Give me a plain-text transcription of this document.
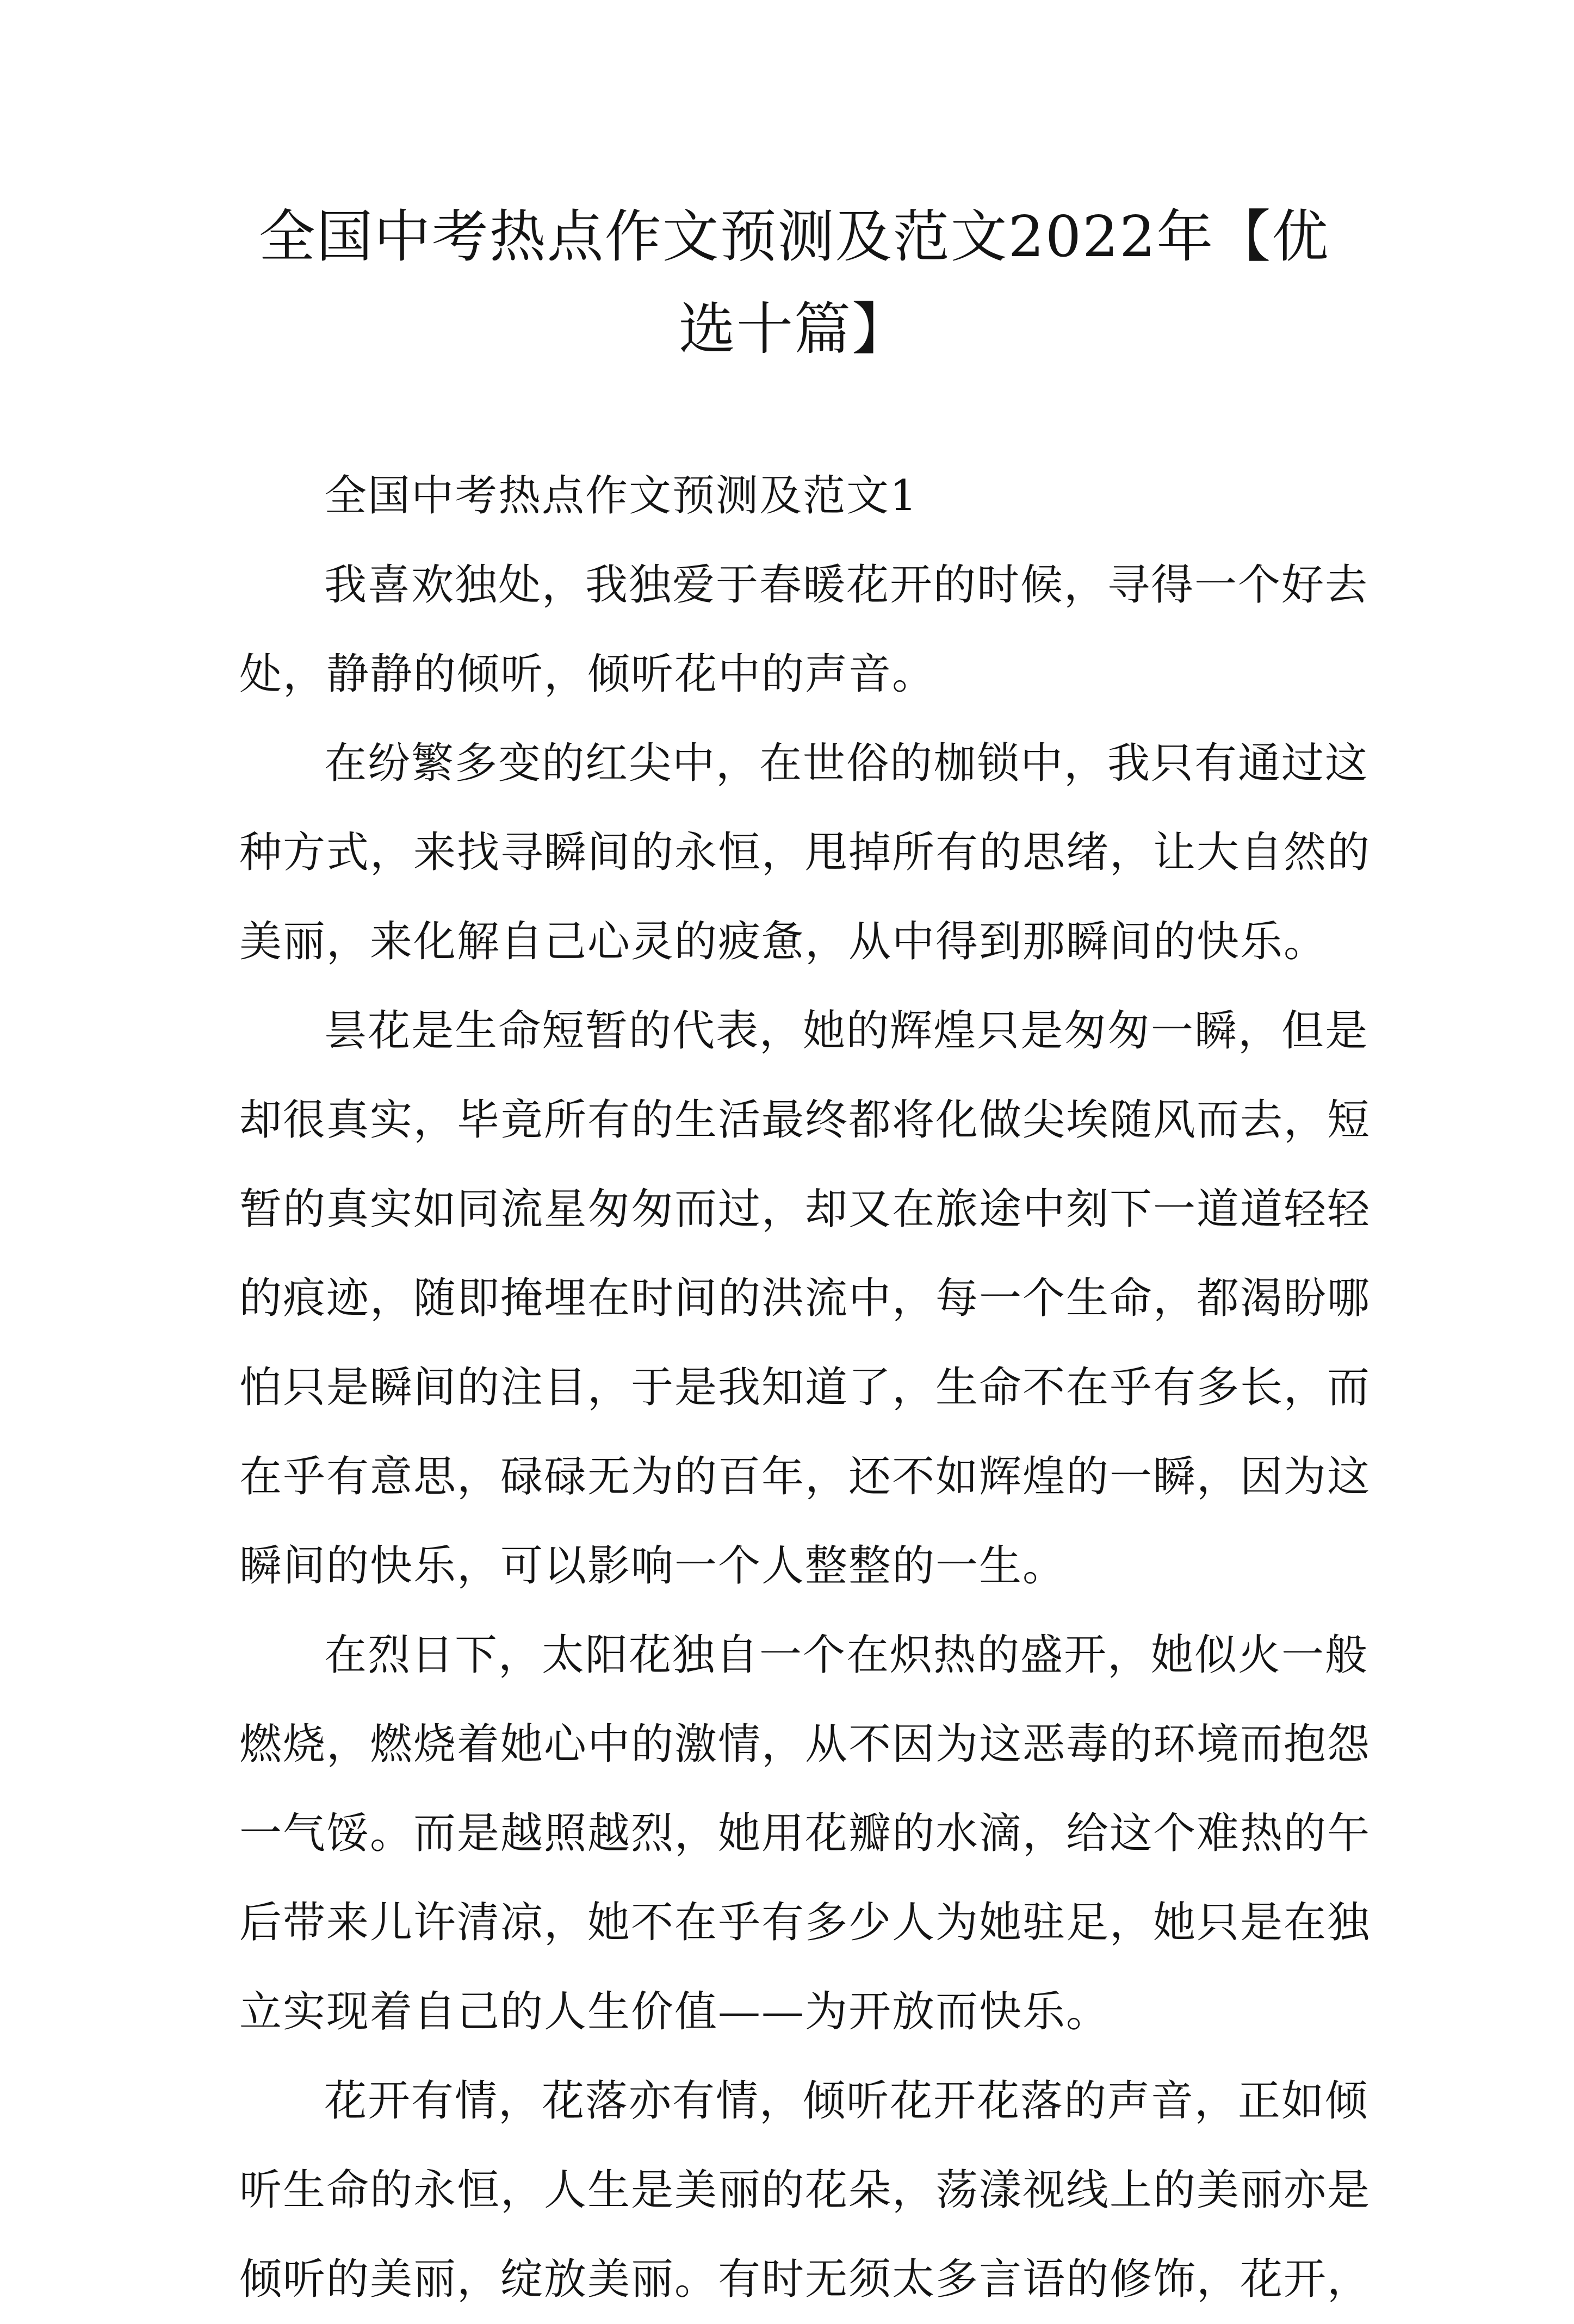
全国中考热点作文预测及范文2022年【优
选十篇】
全国中考热点作文预测及范文1
我喜欢独处，我独爱于春暖花开的时候，寻得一个好去
处，静静的倾听，倾听花中的声音。
在纷繁多变的红尖中，在世俗的枷锁中，我只有通过这
种方式，来找寻瞬间的永恒，甩掉所有的思绪，让大自然的
美丽，来化解自己心灵的疲惫，从中得到那瞬间的快乐。
昙花是生命短暂的代表，她的辉煌只是匆匆一瞬，但是
却很真实，毕竟所有的生活最终都将化做尖埃随风而去，短
暂的真实如同流星匆匆而过，却又在旅途中刻下一道道轻轻
的痕迹，随即掩埋在时间的洪流中，每一个生命，都渴盼哪
怕只是瞬间的注目，于是我知道了，生命不在乎有多长，而
在乎有意思，碌碌无为的百年，还不如辉煌的一瞬，因为这
瞬间的快乐，可以影响一个人整整的一生。
在烈日下，太阳花独自一个在炽热的盛开，她似火一般
燃烧，燃烧着她心中的激情，从不因为这恶毒的环境而抱怨
一气馁。而是越照越烈，她用花瓣的水滴，给这个难热的午
后带来儿许清凉，她不在乎有多少人为她驻足，她只是在独
立实现着自己的人生价值——为开放而快乐。
花开有情，花落亦有情，倾听花开花落的声音，正如倾
听生命的永恒，人生是美丽的花朵，荡漾视线上的美丽亦是
倾听的美丽，绽放美丽。有时无须太多言语的修饰，花开，
